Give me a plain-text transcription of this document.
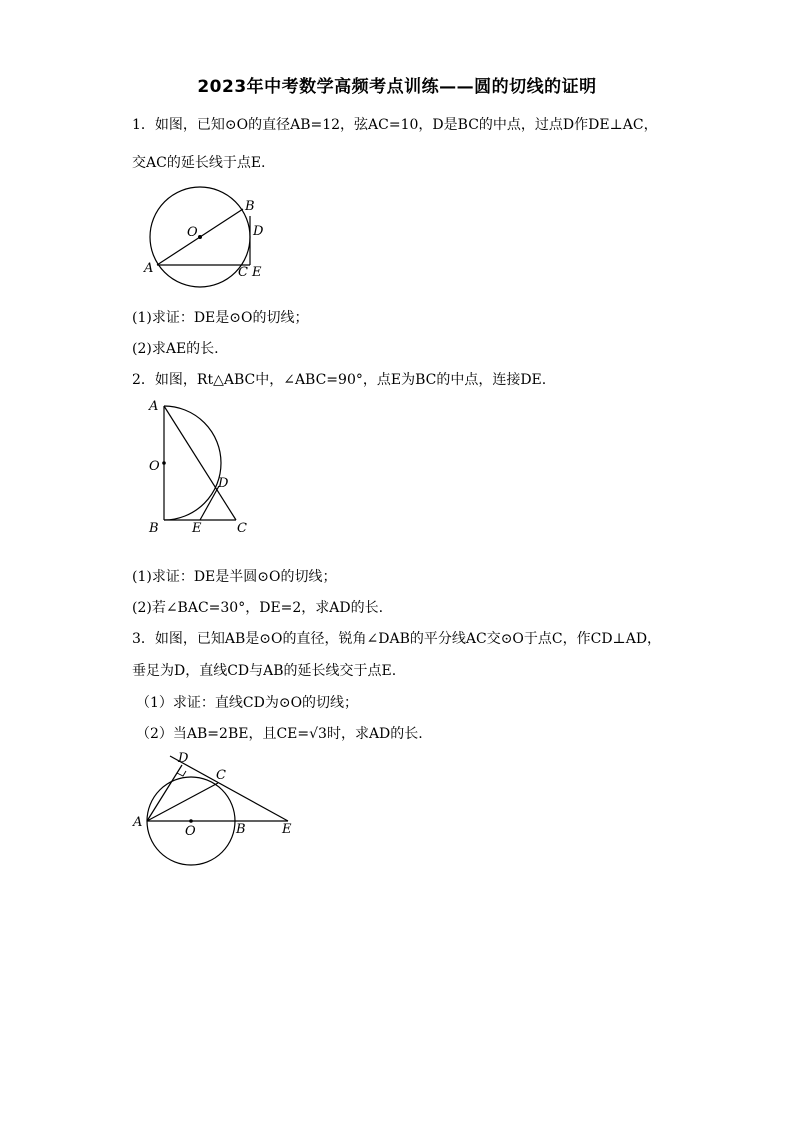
2023年中考数学高频考点训练——圆的切线的证明
1．如图，已知⊙O的直径AB=12，弦AC=10，D是BC的中点，过点D作DE⊥AC，
交AC的延长线于点E.
O
A
B
C
D
E
(1)求证：DE是⊙O的切线；
(2)求AE的长.
2．如图，Rt△ABC中，∠ABC=90°，点E为BC的中点，连接DE.
A
O
B	E	C
D
(1)求证：DE是半圆⊙O的切线；
(2)若∠BAC=30°，DE=2，求AD的长.
3．如图，已知AB是⊙O的直径，锐角∠DAB的平分线AC交⊙O于点C，作CD⊥AD，
垂足为D，直线CD与AB的延长线交于点E.
（1）求证：直线CD为⊙O的切线；
（2）当AB=2BE，且CE=√3时，求AD的长.
D
C
A
O	B	E
